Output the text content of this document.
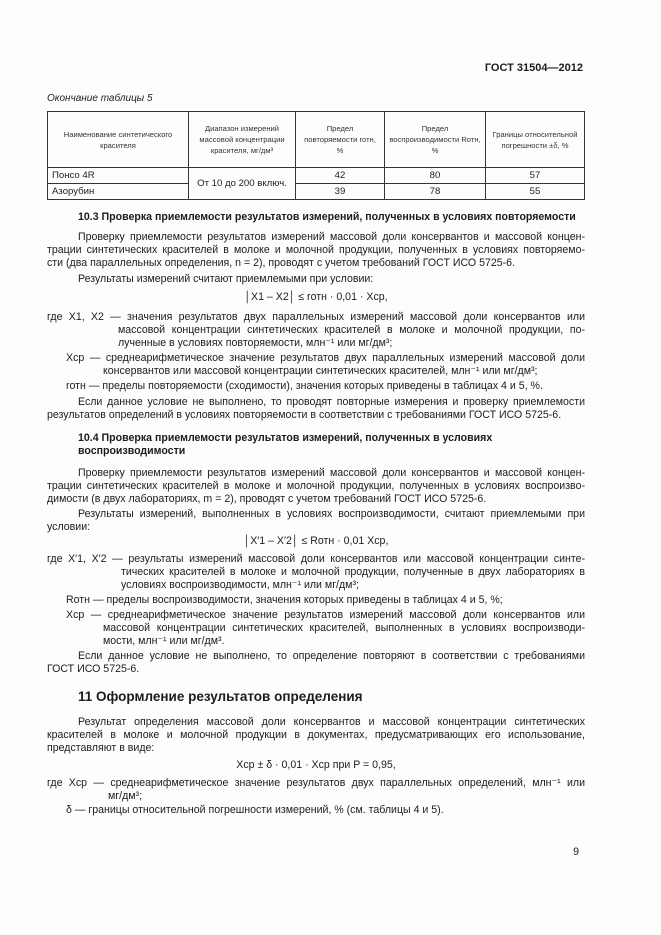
ГОСТ 31504—2012
Окончание таблицы 5
Наименование синтетического красителя	Диапазон измерений массовой концентрации красителя, мг/дм³	Предел повторяемости rотн, %	Предел воспроизводимости Rотн, %	Границы относительной погрешности ±δ, %
Понсо 4R	От 10 до 200 включ.	42	80	57
Азорубин		39	78	55
10.3 Проверка приемлемости результатов измерений, полученных в условиях повторяемости
Проверку приемлемости результатов измерений массовой доли консервантов и массовой концен-
трации синтетических красителей в молоке и молочной продукции, полученных в условиях повторяемо-
сти (два параллельных определения, n = 2), проводят с учетом требований ГОСТ ИСО 5725-6.
Результаты измерений считают приемлемыми при условии:
│X1 – X2│ ≤ rотн · 0,01 · Xср,
где X1, X2 — значения результатов двух параллельных измерений массовой доли консервантов или
массовой концентрации синтетических красителей в молоке и молочной продукции, по-
лученные в условиях повторяемости, млн⁻¹ или мг/дм³;
Xср — среднеарифметическое значение результатов двух параллельных измерений массовой доли
консервантов или массовой концентрации синтетических красителей, млн⁻¹ или мг/дм³;
rотн — пределы повторяемости (сходимости), значения которых приведены в таблицах 4 и 5, %.
Если данное условие не выполнено, то проводят повторные измерения и проверку приемлемости
результатов определений в условиях повторяемости в соответствии с требованиями ГОСТ ИСО 5725-6.
10.4 Проверка приемлемости результатов измерений, полученных в условиях
воспроизводимости
Проверку приемлемости результатов измерений массовой доли консервантов и массовой концен-
трации синтетических красителей в молоке и молочной продукции, полученных в условиях воспроизво-
димости (в двух лабораториях, m = 2), проводят с учетом требований ГОСТ ИСО 5725-6.
Результаты измерений, выполненных в условиях воспроизводимости, считают приемлемыми при
условии:
│X′1 – X′2│ ≤ Rотн · 0,01 Xср,
где X′1, X′2 — результаты измерений массовой доли консервантов или массовой концентрации синте-
тических красителей в молоке и молочной продукции, полученные в двух лабораториях в
условиях воспроизводимости, млн⁻¹ или мг/дм³;
Rотн — пределы воспроизводимости, значения которых приведены в таблицах 4 и 5, %;
Xср — среднеарифметическое значение результатов измерений массовой доли консервантов или
массовой концентрации синтетических красителей, выполненных в условиях воспроизводи-
мости, млн⁻¹ или мг/дм³.
Если данное условие не выполнено, то определение повторяют в соответствии с требованиями
ГОСТ ИСО 5725-6.
11 Оформление результатов определения
Результат определения массовой доли консервантов и массовой концентрации синтетических
красителей в молоке и молочной продукции в документах, предусматривающих его использование,
представляют в виде:
Xср ± δ · 0,01 · Xср при P = 0,95,
где Xср — среднеарифметическое значение результатов двух параллельных определений, млн⁻¹ или
мг/дм³;
δ — границы относительной погрешности измерений, % (см. таблицы 4 и 5).
9
